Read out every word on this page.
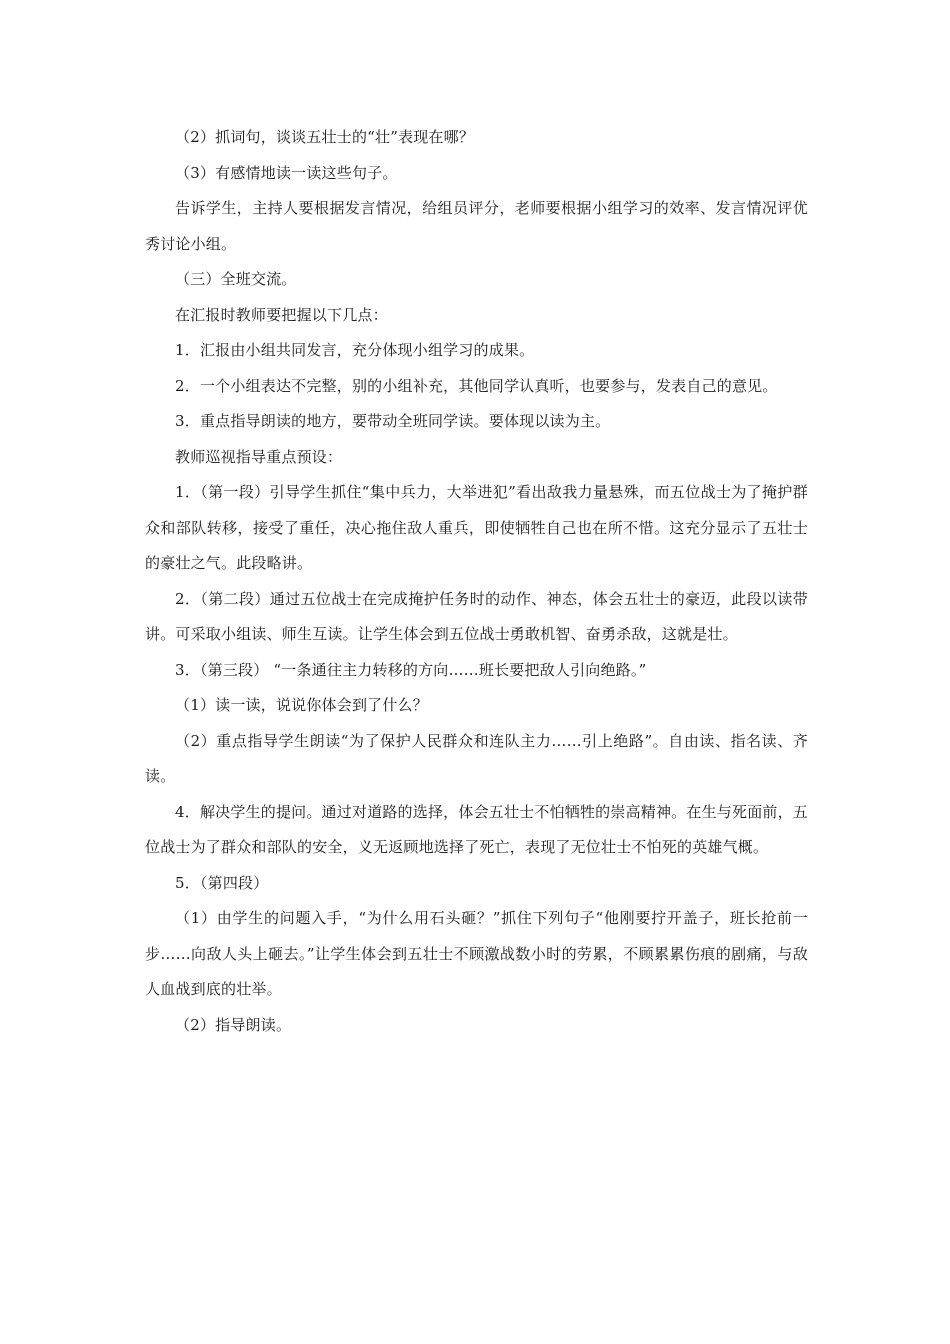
（2）抓词句，谈谈五壮士的“壮”表现在哪？

（3）有感情地读一读这些句子。

告诉学生，主持人要根据发言情况，给组员评分，老师要根据小组学习的效率、发言情况评优秀讨论小组。

（三）全班交流。

在汇报时教师要把握以下几点：

1．汇报由小组共同发言，充分体现小组学习的成果。

2．一个小组表达不完整，别的小组补充，其他同学认真听，也要参与，发表自己的意见。

3．重点指导朗读的地方，要带动全班同学读。要体现以读为主。

教师巡视指导重点预设：

1．（第一段）引导学生抓住“集中兵力，大举进犯”看出敌我力量悬殊，而五位战士为了掩护群众和部队转移，接受了重任，决心拖住敌人重兵，即使牺牲自己也在所不惜。这充分显示了五壮士的豪壮之气。此段略讲。

2．（第二段）通过五位战士在完成掩护任务时的动作、神态，体会五壮士的豪迈，此段以读带讲。可采取小组读、师生互读。让学生体会到五位战士勇敢机智、奋勇杀敌，这就是壮。

3．（第三段） “一条通往主力转移的方向……班长要把敌人引向绝路。”

（1）读一读，说说你体会到了什么？

（2）重点指导学生朗读“为了保护人民群众和连队主力……引上绝路”。自由读、指名读、齐读。

4．解决学生的提问。通过对道路的选择，体会五壮士不怕牺牲的崇高精神。在生与死面前，五位战士为了群众和部队的安全，义无返顾地选择了死亡，表现了无位壮士不怕死的英雄气概。

5．（第四段）

（1）由学生的问题入手，“为什么用石头砸？”抓住下列句子“他刚要拧开盖子，班长抢前一步……向敌人头上砸去。”让学生体会到五壮士不顾激战数小时的劳累，不顾累累伤痕的剧痛，与敌人血战到底的壮举。

（2）指导朗读。
